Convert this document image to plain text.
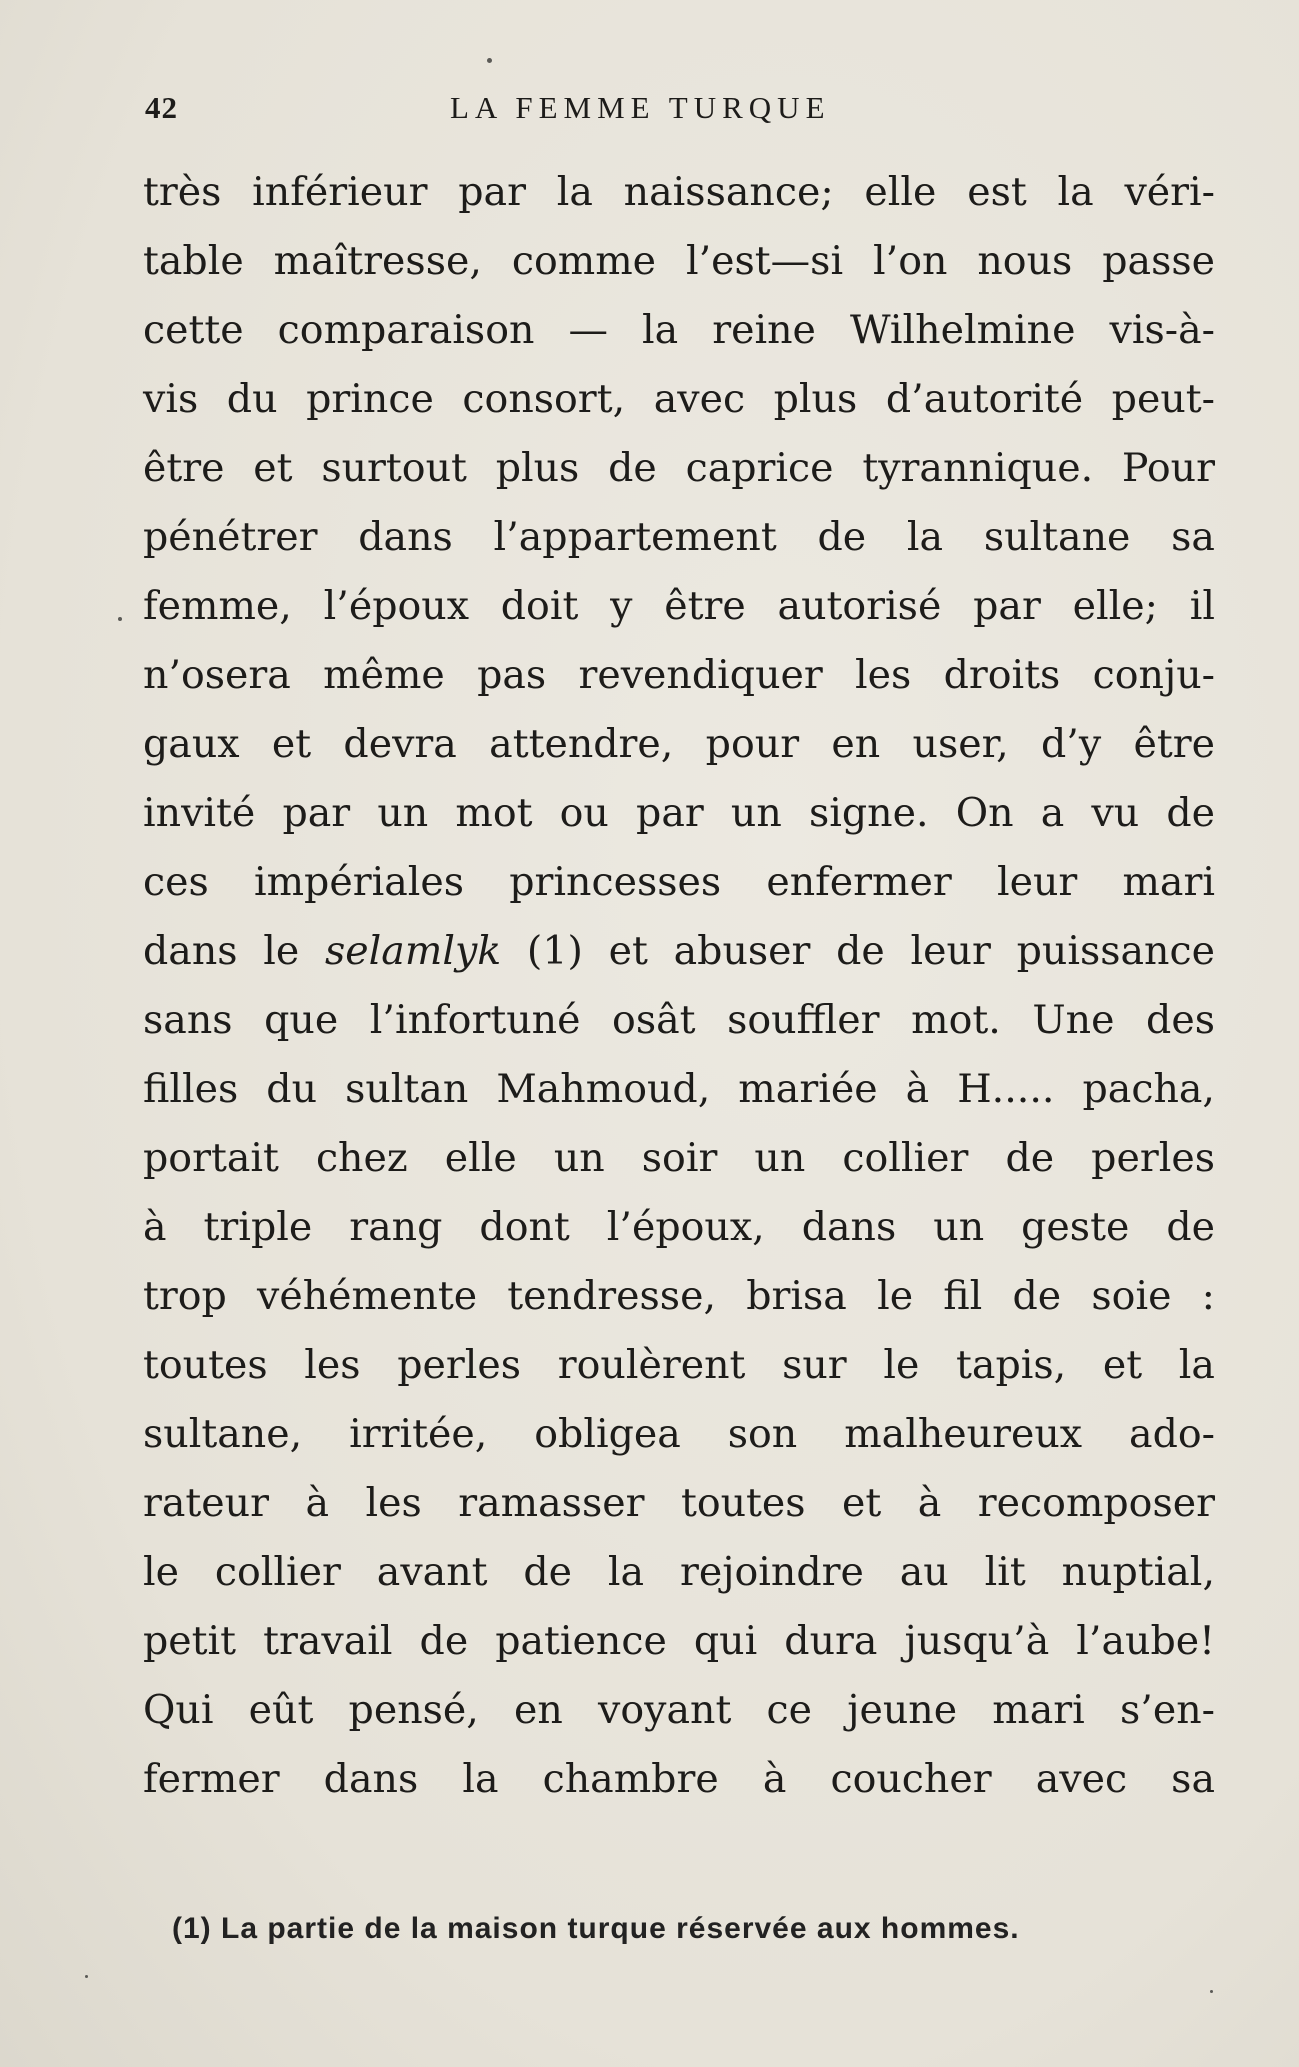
42	LA FEMME TURQUE
très inférieur par la naissance; elle est la véri-
table maîtresse, comme l’est—si l’on nous passe
cette comparaison — la reine Wilhelmine vis-à-
vis du prince consort, avec plus d’autorité peut-
être et surtout plus de caprice tyrannique. Pour
pénétrer dans l’appartement de la sultane sa
femme, l’époux doit y être autorisé par elle; il
n’osera même pas revendiquer les droits conju-
gaux et devra attendre, pour en user, d’y être
invité par un mot ou par un signe. On a vu de
ces impériales princesses enfermer leur mari
dans le selamlyk (1) et abuser de leur puissance
sans que l’infortuné osât souffler mot. Une des
filles du sultan Mahmoud, mariée à H..... pacha,
portait chez elle un soir un collier de perles
à triple rang dont l’époux, dans un geste de
trop véhémente tendresse, brisa le fil de soie :
toutes les perles roulèrent sur le tapis, et la
sultane, irritée, obligea son malheureux ado-
rateur à les ramasser toutes et à recomposer
le collier avant de la rejoindre au lit nuptial,
petit travail de patience qui dura jusqu’à l’aube!
Qui eût pensé, en voyant ce jeune mari s’en-
fermer dans la chambre à coucher avec sa
(1) La partie de la maison turque réservée aux hommes.
